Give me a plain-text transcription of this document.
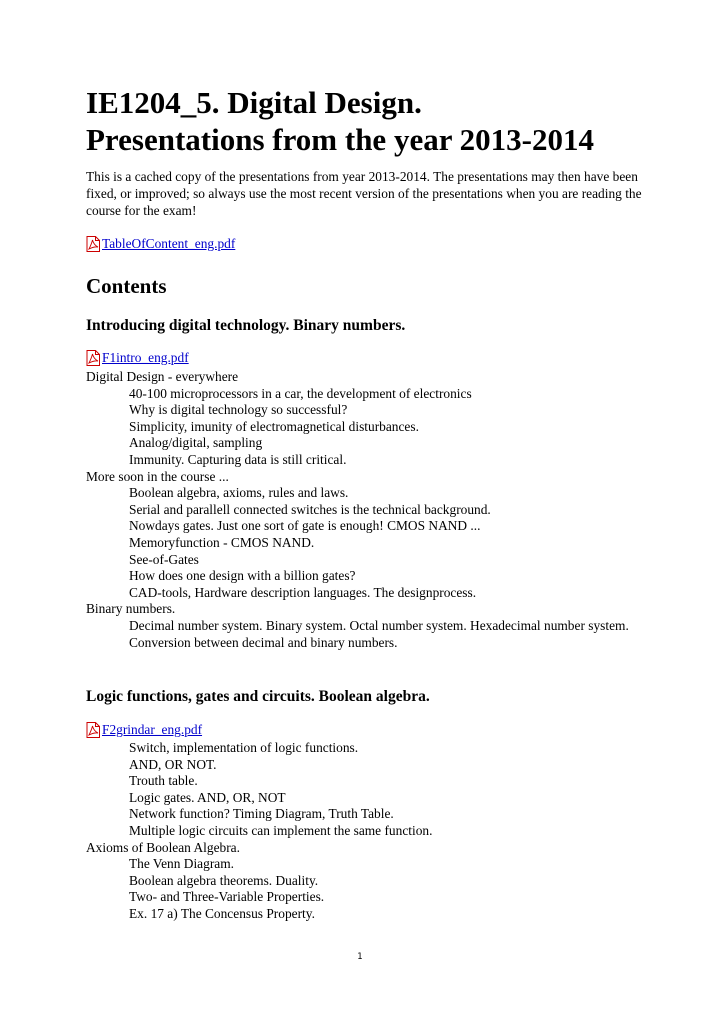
IE1204_5. Digital Design.
Presentations from the year 2013-2014

This is a cached copy of the presentations from year 2013-2014. The presentations may then have been fixed, or improved; so always use the most recent version of the presentations when you are reading the course for the exam!

TableOfContent_eng.pdf
Contents
Introducing digital technology. Binary numbers.
F1intro_eng.pdf
Digital Design - everywhere
40-100 microprocessors in a car, the development of electronics
Why is digital technology so successful?
Simplicity, imunity of electromagnetical disturbances.
Analog/digital, sampling
Immunity. Capturing data is still critical.
More soon in the course ...
Boolean algebra, axioms, rules and laws.
Serial and parallell connected switches is the technical background.
Nowdays gates. Just one sort of gate is enough! CMOS NAND ...
Memoryfunction - CMOS NAND.
See-of-Gates
How does one design with a billion gates?
CAD-tools, Hardware description languages. The designprocess.
Binary numbers.
Decimal number system. Binary system. Octal number system. Hexadecimal number system.
Conversion between decimal and binary numbers.
Logic functions, gates and circuits. Boolean algebra.
F2grindar_eng.pdf
Switch, implementation of logic functions.
AND, OR NOT.
Trouth table.
Logic gates. AND, OR, NOT
Network function? Timing Diagram, Truth Table.
Multiple logic circuits can implement the same function.
Axioms of Boolean Algebra.
The Venn Diagram.
Boolean algebra theorems. Duality.
Two- and Three-Variable Properties.
Ex. 17 a) The Concensus Property.
1
